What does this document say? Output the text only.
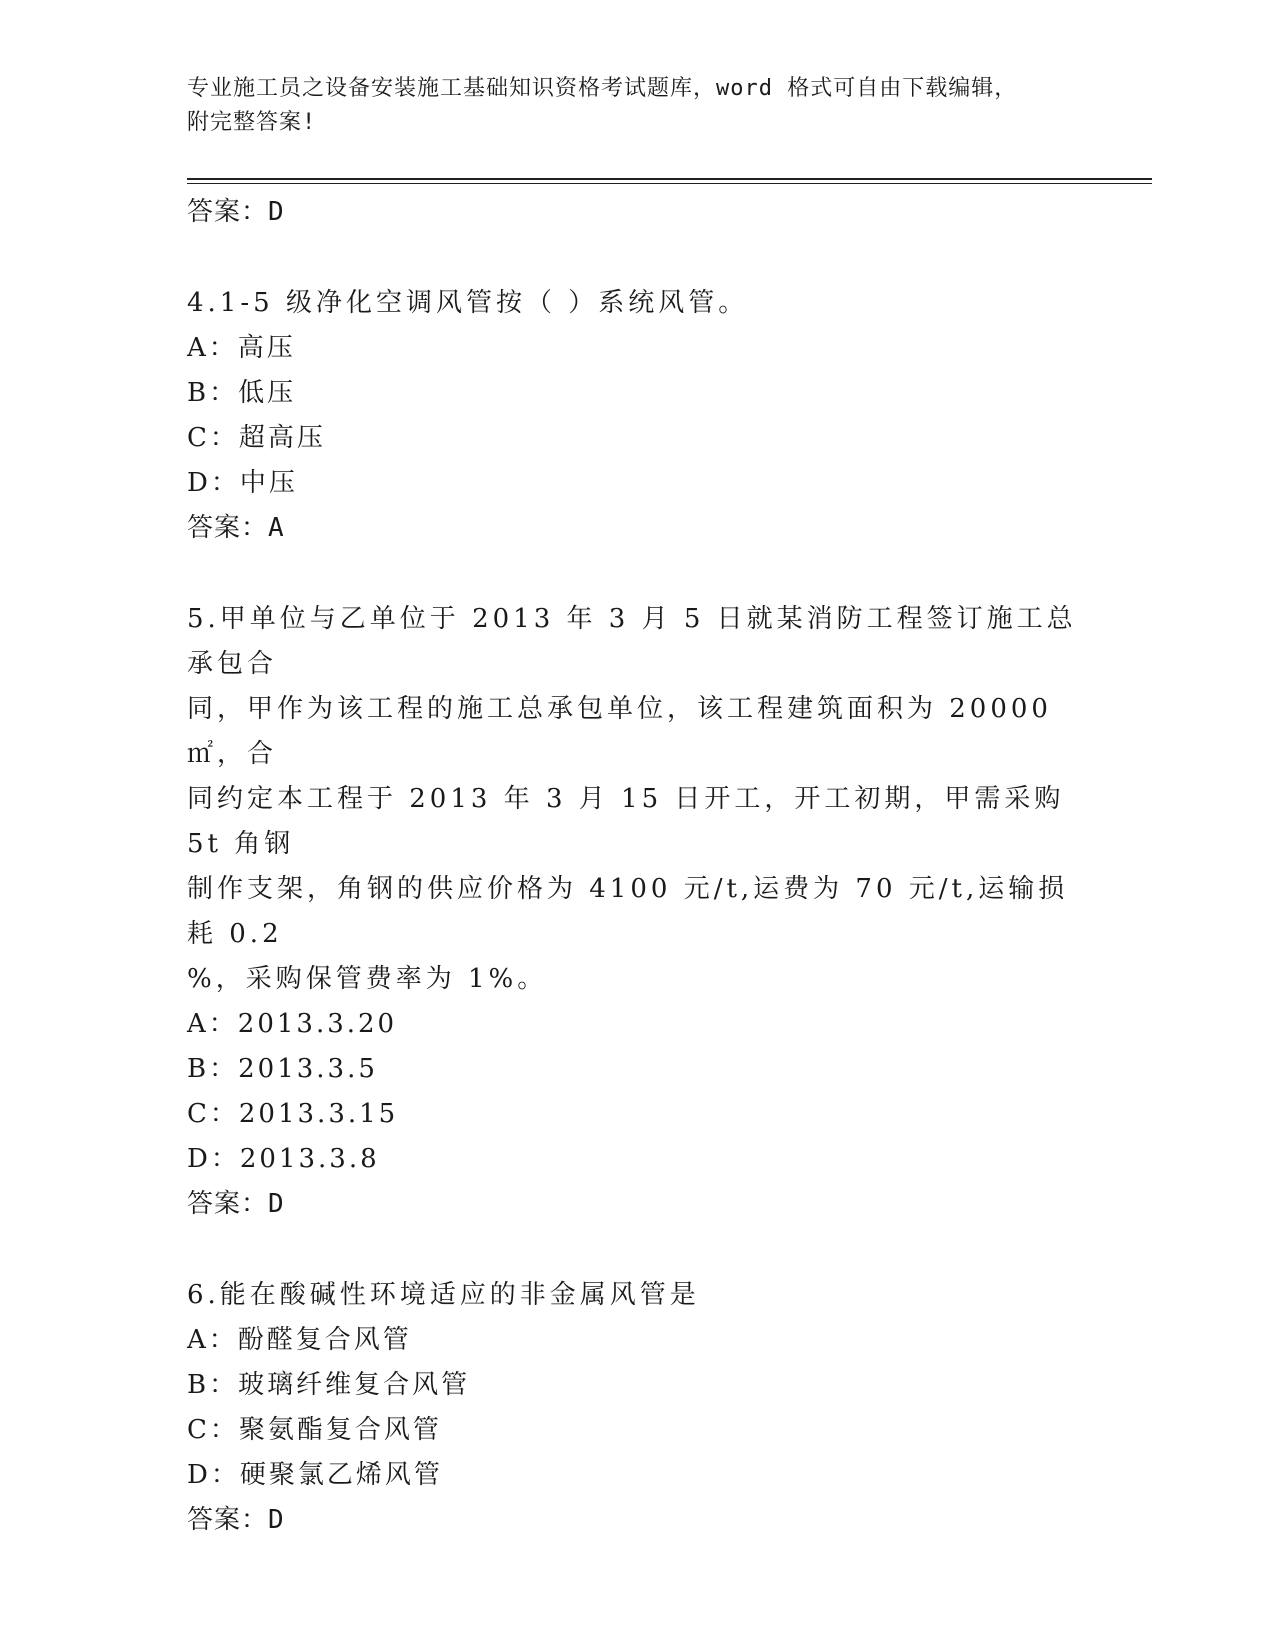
专业施工员之设备安装施工基础知识资格考试题库，word 格式可自由下载编辑，
附完整答案!
答案：D
4.1-5 级净化空调风管按（ ）系统风管。
A：高压
B：低压
C：超高压
D：中压
答案：A
5.甲单位与乙单位于 2013 年 3 月 5 日就某消防工程签订施工总承包合
同，甲作为该工程的施工总承包单位，该工程建筑面积为 20000㎡，合
同约定本工程于 2013 年 3 月 15 日开工，开工初期，甲需采购 5t 角钢
制作支架，角钢的供应价格为 4100 元/t,运费为 70 元/t,运输损耗 0.2
%，采购保管费率为 1%。
A：2013.3.20
B：2013.3.5
C：2013.3.15
D：2013.3.8
答案：D
6.能在酸碱性环境适应的非金属风管是
A：酚醛复合风管
B：玻璃纤维复合风管
C：聚氨酯复合风管
D：硬聚氯乙烯风管
答案：D
